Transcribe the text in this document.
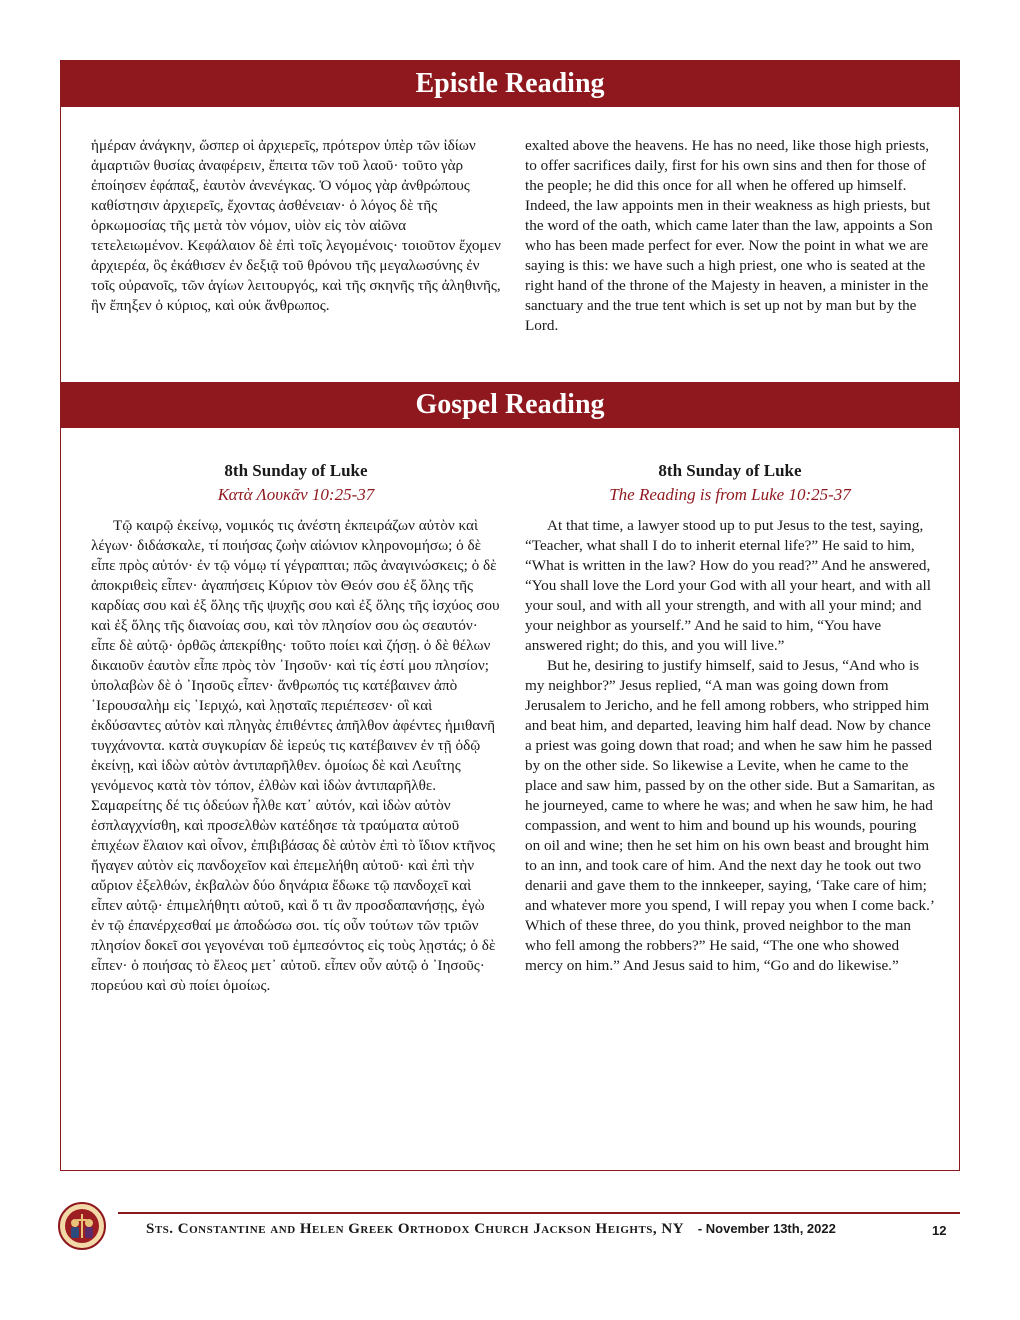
Epistle Reading
ἡμέραν ἀνάγκην, ὥσπερ οἱ ἀρχιερεῖς, πρότερον ὑπὲρ τῶν ἰδίων ἁμαρτιῶν θυσίας ἀναφέρειν, ἔπειτα τῶν τοῦ λαοῦ· τοῦτο γὰρ ἐποίησεν ἐφάπαξ, ἑαυτὸν ἀνενέγκας. Ὁ νόμος γὰρ ἀνθρώπους καθίστησιν ἀρχιερεῖς, ἔχοντας ἀσθένειαν· ὁ λόγος δὲ τῆς ὁρκωμοσίας τῆς μετὰ τὸν νόμον, υἱὸν εἰς τὸν αἰῶνα τετελειωμένον. Κεφάλαιον δὲ ἐπὶ τοῖς λεγομένοις· τοιοῦτον ἔχομεν ἀρχιερέα, ὃς ἐκάθισεν ἐν δεξιᾷ τοῦ θρόνου τῆς μεγαλωσύνης ἐν τοῖς οὐρανοῖς, τῶν ἁγίων λειτουργός, καὶ τῆς σκηνῆς τῆς ἀληθινῆς, ἣν ἔπηξεν ὁ κύριος, καὶ οὐκ ἄνθρωπος.
exalted above the heavens. He has no need, like those high priests, to offer sacrifices daily, first for his own sins and then for those of the people; he did this once for all when he offered up himself. Indeed, the law appoints men in their weakness as high priests, but the word of the oath, which came later than the law, appoints a Son who has been made perfect for ever. Now the point in what we are saying is this: we have such a high priest, one who is seated at the right hand of the throne of the Majesty in heaven, a minister in the sanctuary and the true tent which is set up not by man but by the Lord.
Gospel Reading
8th Sunday of Luke
Κατὰ Λουκᾶν 10:25-37
8th Sunday of Luke
The Reading is from Luke 10:25-37

Τῷ καιρῷ ἐκείνῳ, νομικός τις ἀνέστη ἐκπειράζων αὐτὸν καὶ λέγων· διδάσκαλε, τί ποιήσας ζωὴν αἰώνιον κληρονομήσω; ὁ δὲ εἶπε πρὸς αὐτόν· ἐν τῷ νόμῳ τί γέγραπται; πῶς ἀναγινώσκεις; ὁ δὲ ἀποκριθεὶς εἶπεν· ἀγαπήσεις Κύριον τὸν Θεόν σου ἐξ ὅλης τῆς καρδίας σου καὶ ἐξ ὅλης τῆς ψυχῆς σου καὶ ἐξ ὅλης τῆς ἰσχύος σου καὶ ἐξ ὅλης τῆς διανοίας σου, καὶ τὸν πλησίον σου ὡς σεαυτόν· εἶπε δὲ αὐτῷ· ὀρθῶς ἀπεκρίθης· τοῦτο ποίει καὶ ζήσῃ. ὁ δὲ θέλων δικαιοῦν ἑαυτὸν εἶπε πρὸς τὸν ᾿Ιησοῦν· καὶ τίς ἐστί μου πλησίον; ὑπολαβὼν δὲ ὁ ᾿Ιησοῦς εἶπεν· ἄνθρωπός τις κατέβαινεν ἀπὸ ῾Ιερουσαλὴμ εἰς ῾Ιεριχώ, καὶ λῃσταῖς περιέπεσεν· οἳ καὶ ἐκδύσαντες αὐτὸν καὶ πληγὰς ἐπιθέντες ἀπῆλθον ἀφέντες ἡμιθανῆ τυγχάνοντα. κατὰ συγκυρίαν δὲ ἱερεύς τις κατέβαινεν ἐν τῇ ὁδῷ ἐκείνῃ, καὶ ἰδὼν αὐτὸν ἀντιπαρῆλθεν. ὁμοίως δὲ καὶ Λευΐτης γενόμενος κατὰ τὸν τόπον, ἐλθὼν καὶ ἰδὼν ἀντιπαρῆλθε. Σαμαρείτης δέ τις ὁδεύων ἦλθε κατ᾿ αὐτόν, καὶ ἰδὼν αὐτὸν ἐσπλαγχνίσθη, καὶ προσελθὼν κατέδησε τὰ τραύματα αὐτοῦ ἐπιχέων ἔλαιον καὶ οἶνον, ἐπιβιβάσας δὲ αὐτὸν ἐπὶ τὸ ἴδιον κτῆνος ἤγαγεν αὐτὸν εἰς πανδοχεῖον καὶ ἐπεμελήθη αὐτοῦ· καὶ ἐπὶ τὴν αὔριον ἐξελθών, ἐκβαλὼν δύο δηνάρια ἔδωκε τῷ πανδοχεῖ καὶ εἶπεν αὐτῷ· ἐπιμελήθητι αὐτοῦ, καὶ ὅ τι ἂν προσδαπανήσῃς, ἐγὼ ἐν τῷ ἐπανέρχεσθαί με ἀποδώσω σοι. τίς οὖν τούτων τῶν τριῶν πλησίον δοκεῖ σοι γεγονέναι τοῦ ἐμπεσόντος εἰς τοὺς λῃστάς; ὁ δὲ εἶπεν· ὁ ποιήσας τὸ ἔλεος μετ᾿ αὐτοῦ. εἶπεν οὖν αὐτῷ ὁ ᾿Ιησοῦς· πορεύου καὶ σὺ ποίει ὁμοίως.

At that time, a lawyer stood up to put Jesus to the test, saying, “Teacher, what shall I do to inherit eternal life?” He said to him, “What is written in the law? How do you read?” And he answered, “You shall love the Lord your God with all your heart, and with all your soul, and with all your strength, and with all your mind; and your neighbor as yourself.” And he said to him, “You have answered right; do this, and you will live.”

But he, desiring to justify himself, said to Jesus, “And who is my neighbor?” Jesus replied, “A man was going down from Jerusalem to Jericho, and he fell among robbers, who stripped him and beat him, and departed, leaving him half dead. Now by chance a priest was going down that road; and when he saw him he passed by on the other side. So likewise a Levite, when he came to the place and saw him, passed by on the other side. But a Samaritan, as he journeyed, came to where he was; and when he saw him, he had compassion, and went to him and bound up his wounds, pouring on oil and wine; then he set him on his own beast and brought him to an inn, and took care of him. And the next day he took out two denarii and gave them to the innkeeper, saying, ‘Take care of him; and whatever more you spend, I will repay you when I come back.’ Which of these three, do you think, proved neighbor to the man who fell among the robbers?” He said, “The one who showed mercy on him.” And Jesus said to him, “Go and do likewise.”

Sts. Constantine and Helen Greek Orthodox Church Jackson Heights, NY - November 13th, 2022	12
